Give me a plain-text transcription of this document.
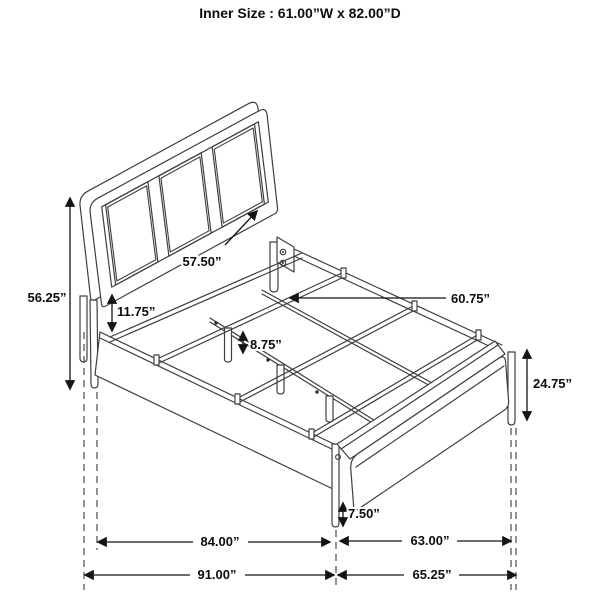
Inner Size : 61.00”W x 82.00”D
56.25”
57.50”
11.75”
8.75”
60.75”
24.75”
7.50”
84.00”	63.00”
91.00”	65.25”
